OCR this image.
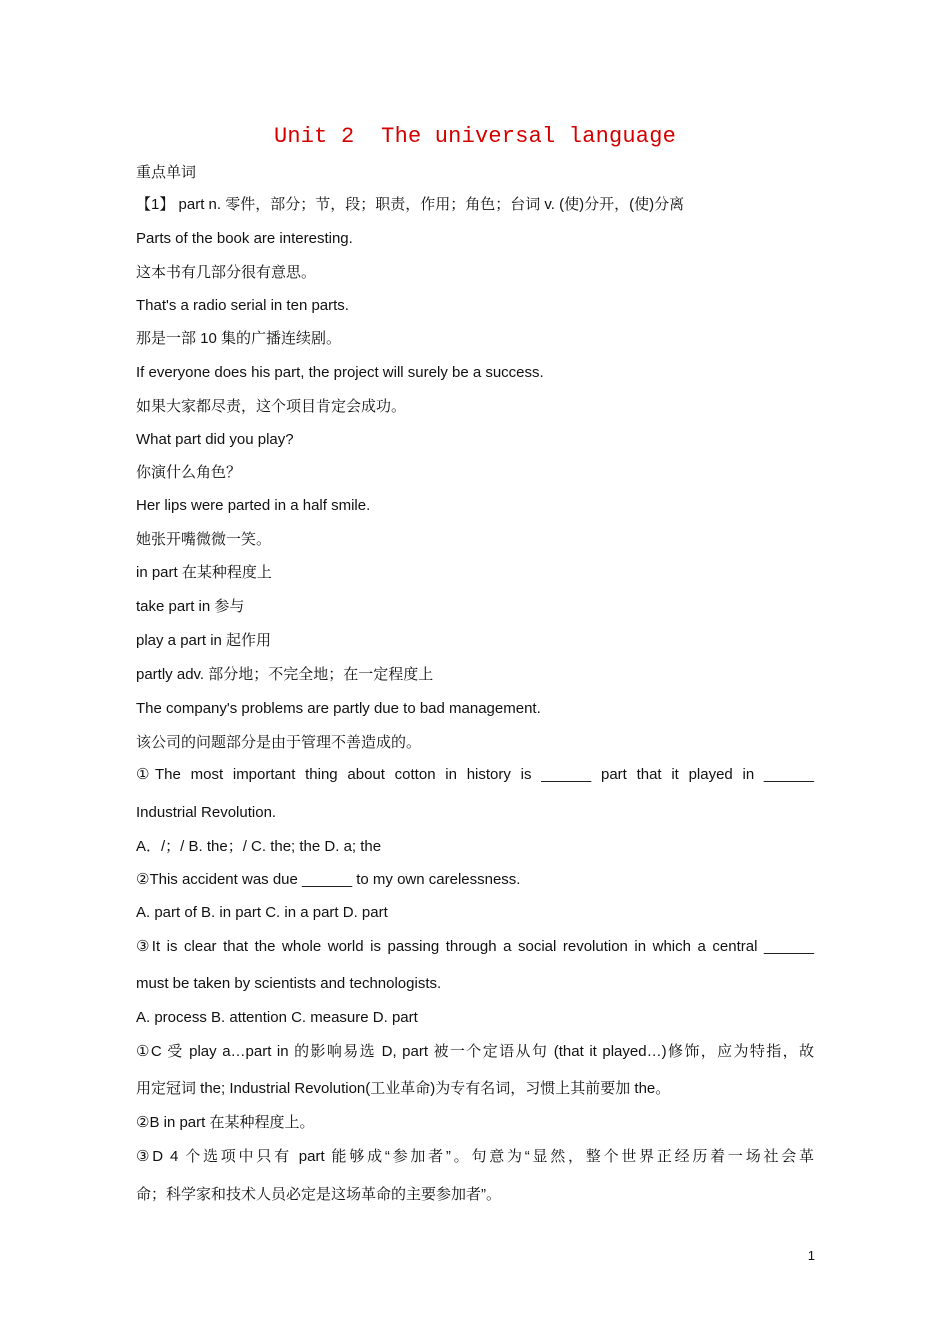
Unit 2  The universal language
重点单词
【1】 part n. 零件，部分；节，段；职责，作用；角色；台词 v. (使)分开，(使)分离
Parts of the book are interesting.
这本书有几部分很有意思。
That's a radio serial in ten parts.
那是一部 10 集的广播连续剧。
If everyone does his part, the project will surely be a success.
如果大家都尽责，这个项目肯定会成功。
What part did you play?
你演什么角色？
Her lips were parted in a half smile.
她张开嘴微微一笑。
in part 在某种程度上
take part in 参与
play a part in 起作用
partly adv. 部分地；不完全地；在一定程度上
The company's problems are partly due to bad management.
该公司的问题部分是由于管理不善造成的。
①The most important thing about cotton in history is ______ part that it played in ______
Industrial Revolution.
A．/；/ B. the；/ C. the; the D. a; the
②This accident was due ______ to my own carelessness.
A. part of B. in part C. in a part D. part
③It is clear that the whole world is passing through a social revolution in which a central ______
must be taken by scientists and technologists.
A. process B. attention C. measure D. part
①C 受 play a…part in 的影响易选 D, part 被一个定语从句 (that it played…)修饰，应为特指，故
用定冠词 the; Industrial Revolution(工业革命)为专有名词，习惯上其前要加 the。
②B in part 在某种程度上。
③D 4 个选项中只有 part 能够成“参加者”。句意为“显然，整个世界正经历着一场社会革
命；科学家和技术人员必定是这场革命的主要参加者”。
1
